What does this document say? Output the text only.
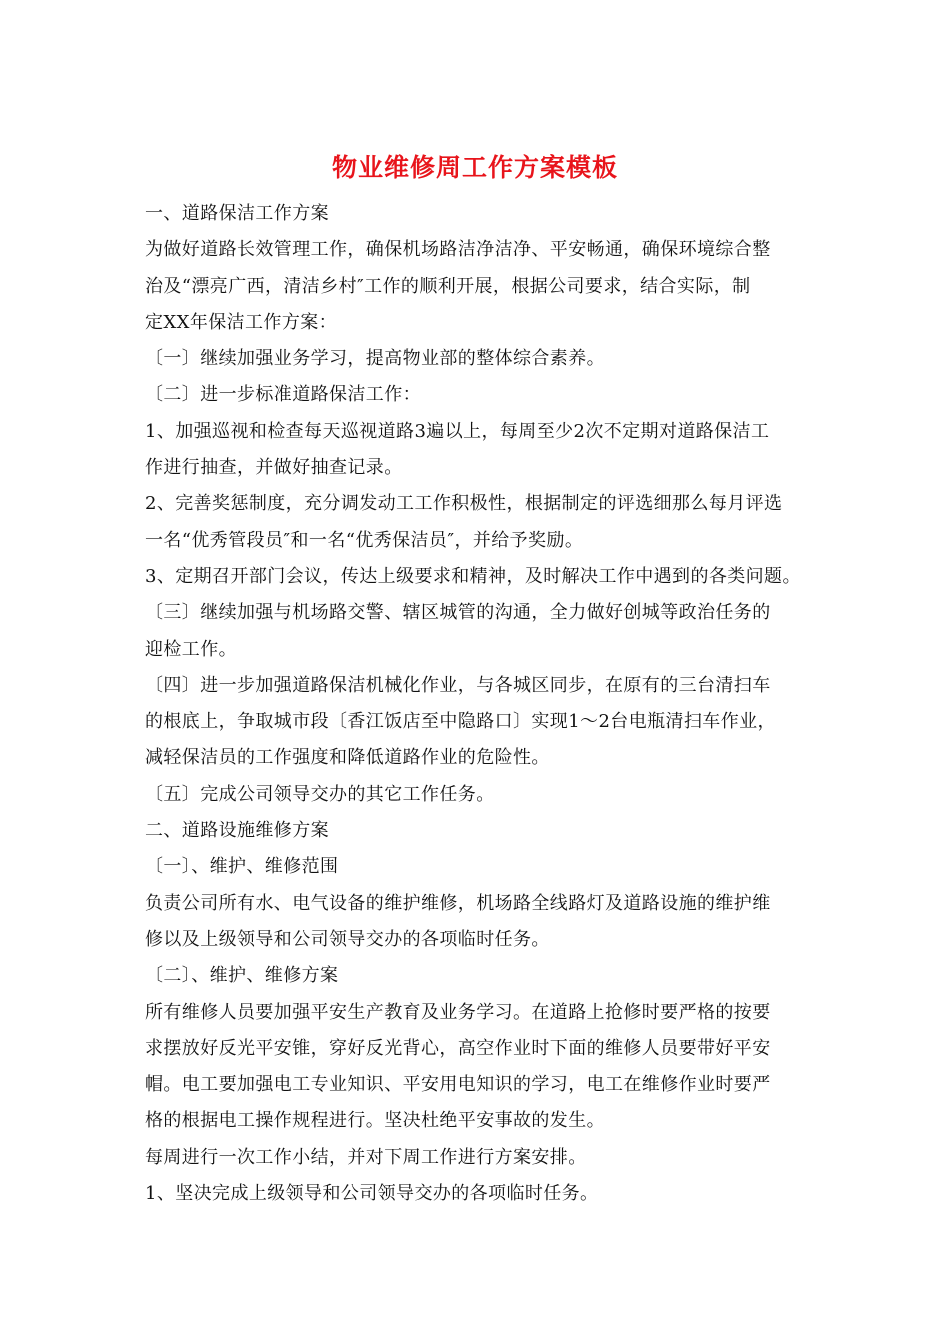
物业维修周工作方案模板
一、道路保洁工作方案
为做好道路长效管理工作，确保机场路洁净洁净、平安畅通，确保环境综合整
治及“漂亮广西，清洁乡村″工作的顺利开展，根据公司要求，结合实际，制
定XX年保洁工作方案：
〔一〕继续加强业务学习，提高物业部的整体综合素养。
〔二〕进一步标准道路保洁工作：
1、加强巡视和检查每天巡视道路3遍以上，每周至少2次不定期对道路保洁工
作进行抽查，并做好抽查记录。
2、完善奖惩制度，充分调发动工工作积极性，根据制定的评选细那么每月评选
一名“优秀管段员″和一名“优秀保洁员″，并给予奖励。
3、定期召开部门会议，传达上级要求和精神，及时解决工作中遇到的各类问题。
〔三〕继续加强与机场路交警、辖区城管的沟通，全力做好创城等政治任务的
迎检工作。
〔四〕进一步加强道路保洁机械化作业，与各城区同步，在原有的三台清扫车
的根底上，争取城市段〔香江饭店至中隐路口〕实现1～2台电瓶清扫车作业，
减轻保洁员的工作强度和降低道路作业的危险性。
〔五〕完成公司领导交办的其它工作任务。
二、道路设施维修方案
〔一〕、维护、维修范围
负责公司所有水、电气设备的维护维修，机场路全线路灯及道路设施的维护维
修以及上级领导和公司领导交办的各项临时任务。
〔二〕、维护、维修方案
所有维修人员要加强平安生产教育及业务学习。在道路上抢修时要严格的按要
求摆放好反光平安锥，穿好反光背心，高空作业时下面的维修人员要带好平安
帽。电工要加强电工专业知识、平安用电知识的学习，电工在维修作业时要严
格的根据电工操作规程进行。坚决杜绝平安事故的发生。
每周进行一次工作小结，并对下周工作进行方案安排。
1、坚决完成上级领导和公司领导交办的各项临时任务。
